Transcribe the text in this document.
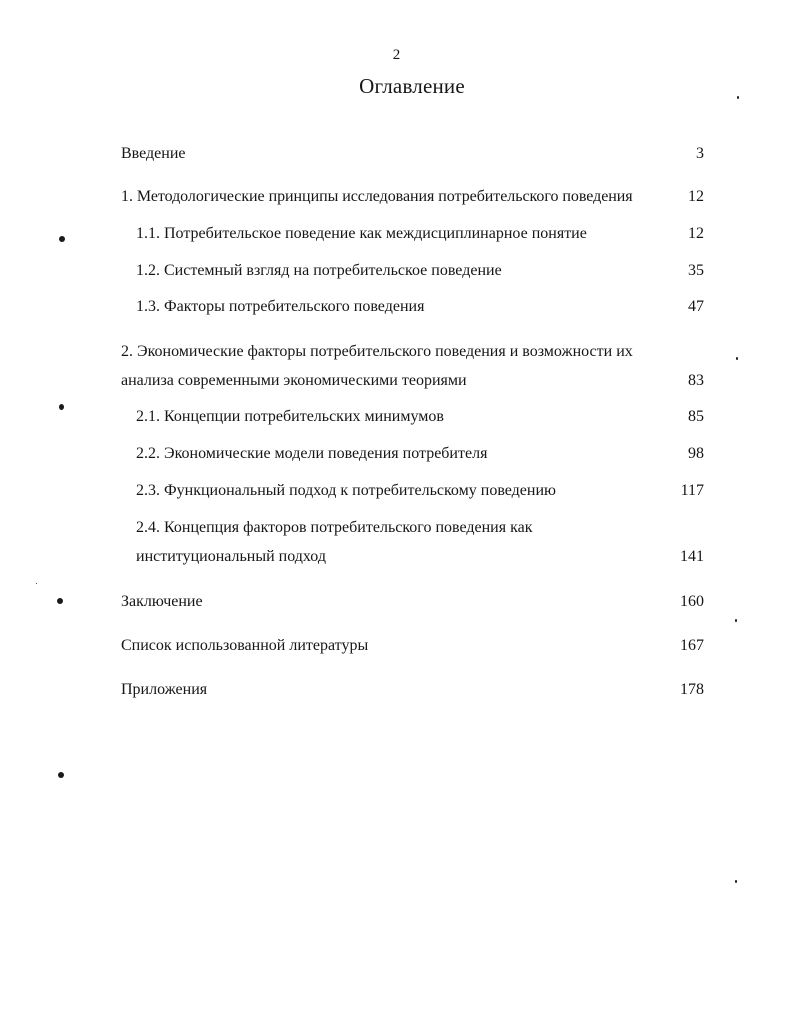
2
Оглавление
Введение	3
1. Методологические принципы исследования потребительского поведения	12
1.1. Потребительское поведение как междисциплинарное понятие	12
1.2. Системный взгляд на потребительское поведение	35
1.3. Факторы потребительского поведения	47
2. Экономические факторы потребительского поведения и возможности их
анализа современными экономическими теориями	83
2.1. Концепции потребительских минимумов	85
2.2. Экономические модели поведения потребителя	98
2.3. Функциональный подход к потребительскому поведению	117
2.4. Концепция факторов потребительского поведения как
институциональный подход	141
Заключение	160
Список использованной литературы	167
Приложения	178
